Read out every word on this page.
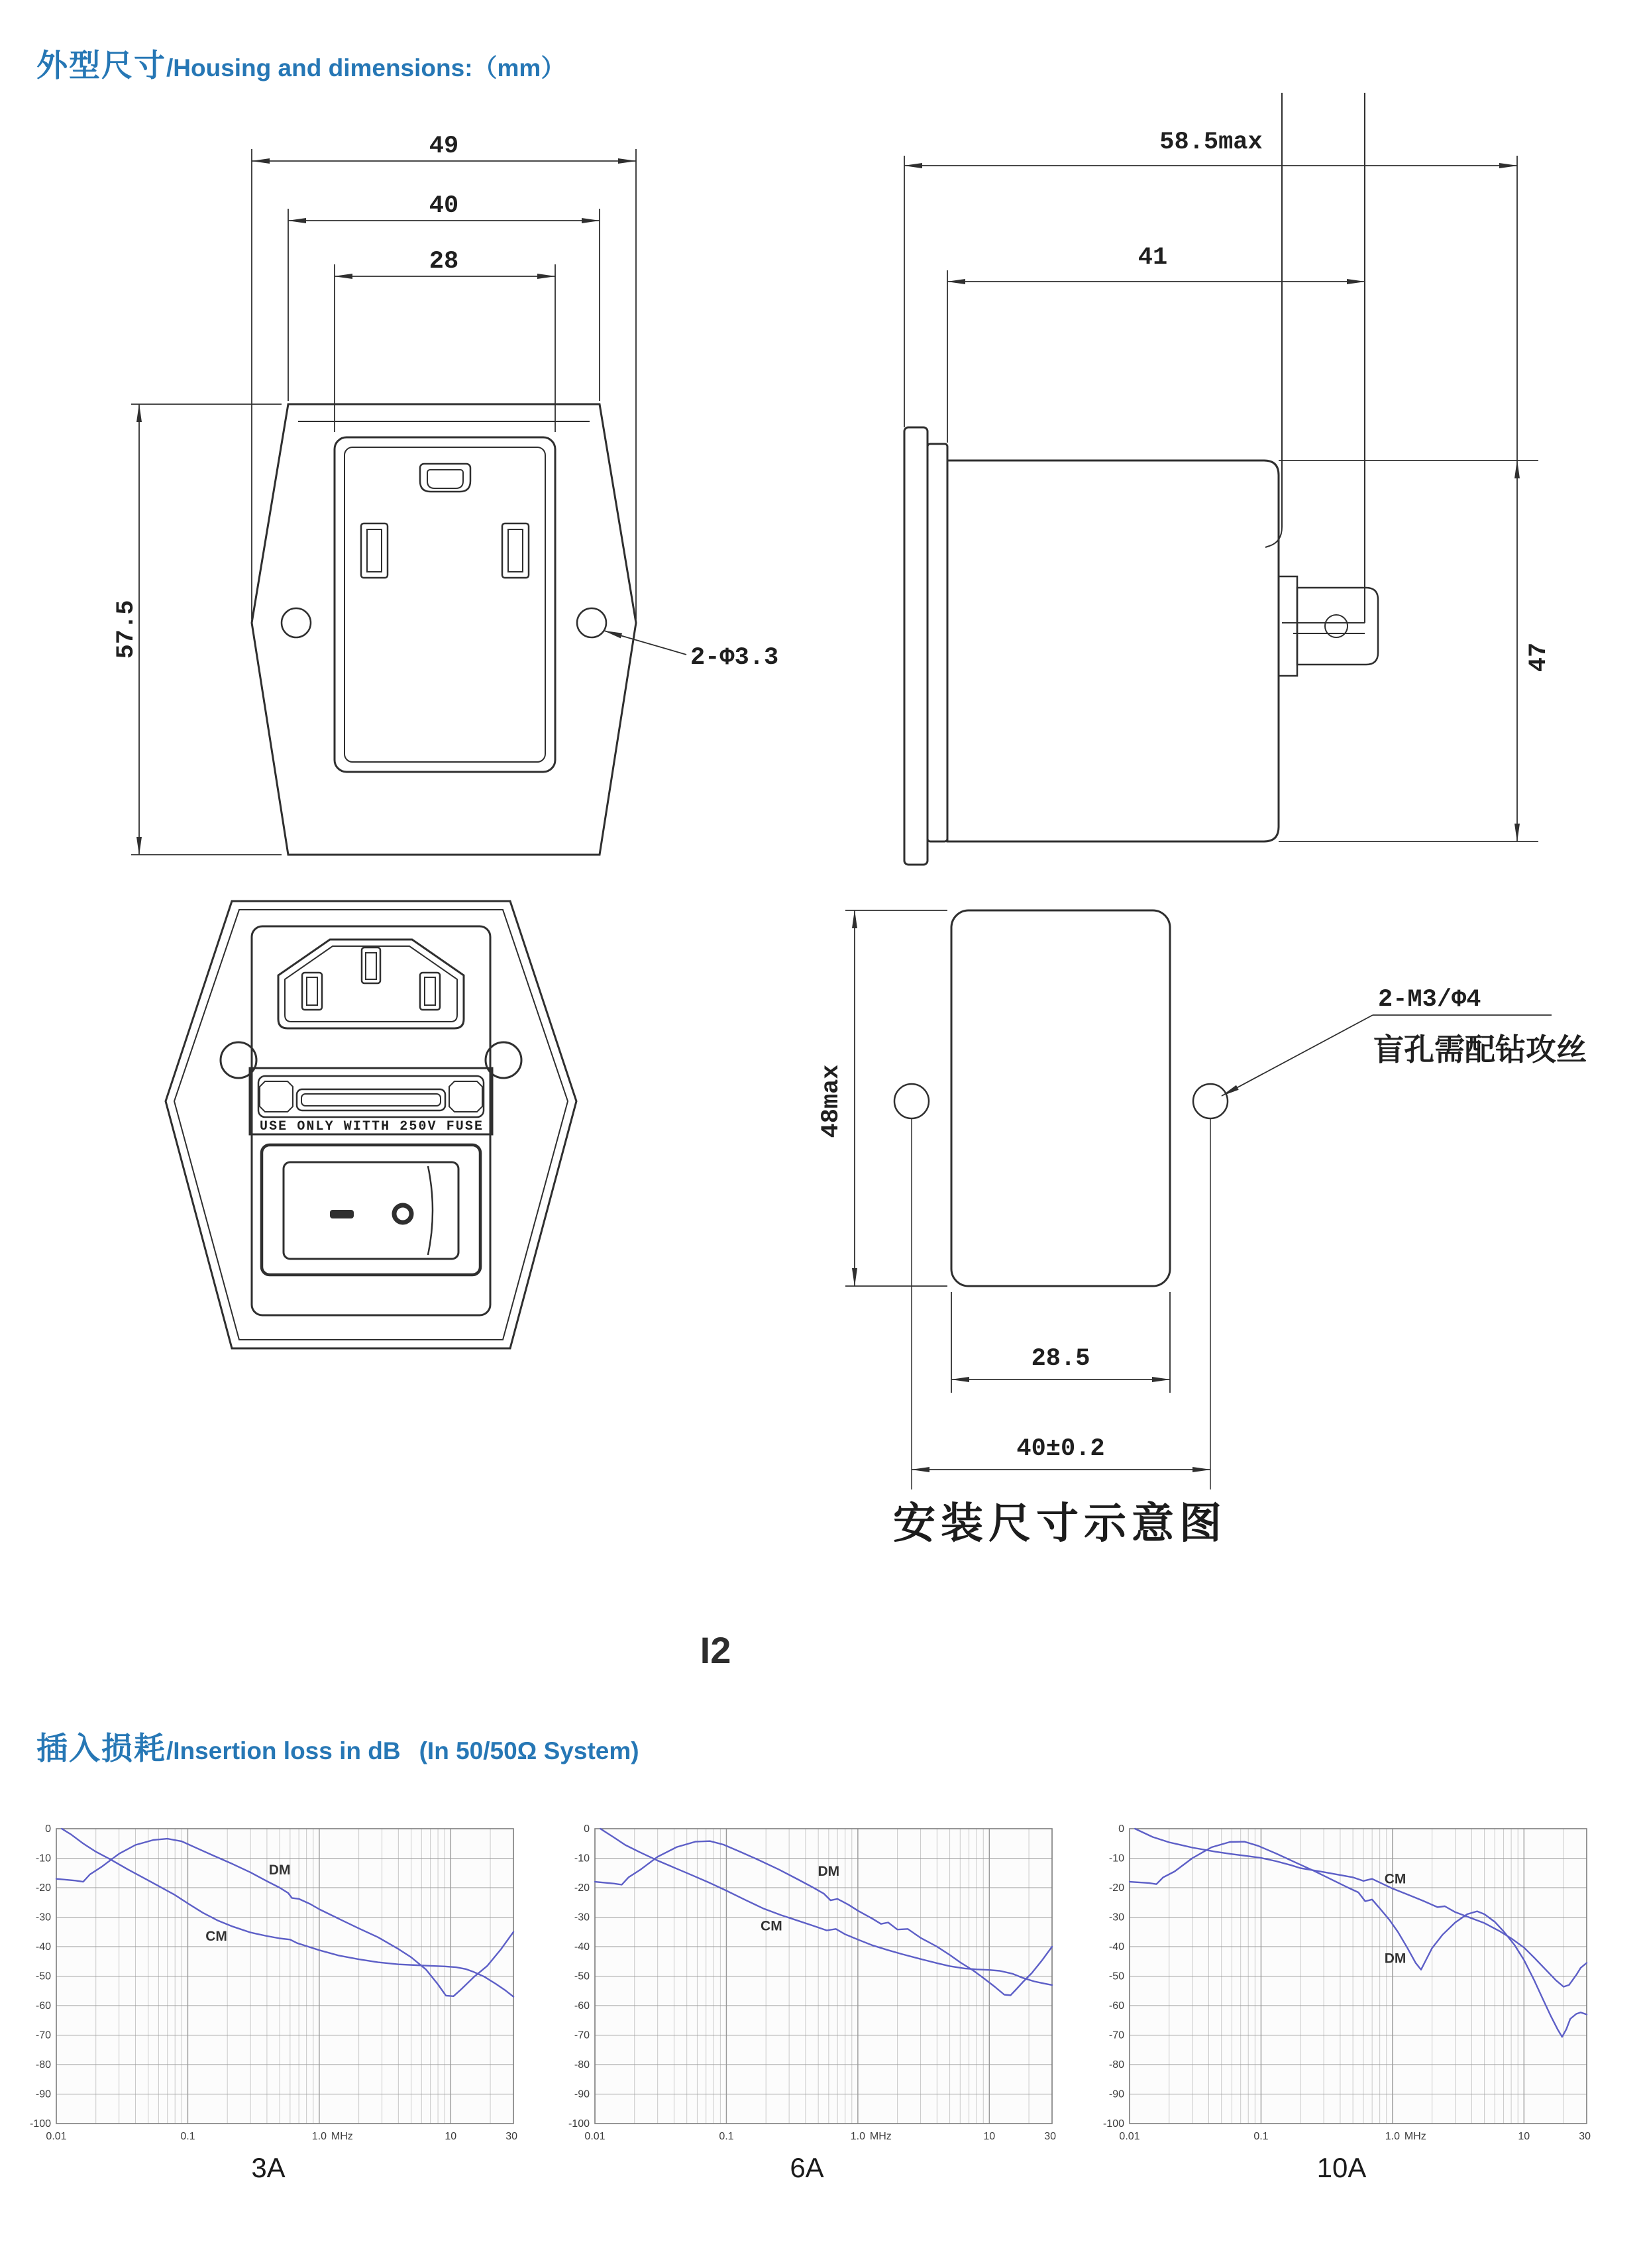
外型尺寸 /Housing and dimensions:（mm）
49
40
28
57.5	2-Φ3.3
58.5max
41
47
USE ONLY WITTH 250V FUSE	48max
28.5
40±0.2
2-M3/Φ4
盲孔需配钻攻丝
安装尺寸示意图
I2
插入损耗 /Insertion loss in dB (In 50/50Ω System)
0
-10
-20
-30
-40
-50
-60
-70
-80
-90
-100
0.01	0.1	1.0	10	30
MHz
DM
CM
3A
0
-10
-20
-30
-40
-50
-60
-70
-80
-90
-100
0.01	0.1	1.0	10	30
MHz
DM
CM
6A
0
-10
-20
-30
-40
-50
-60
-70
-80
-90
-100
0.01	0.1	1.0	10	30
MHz
CM
DM
10A
